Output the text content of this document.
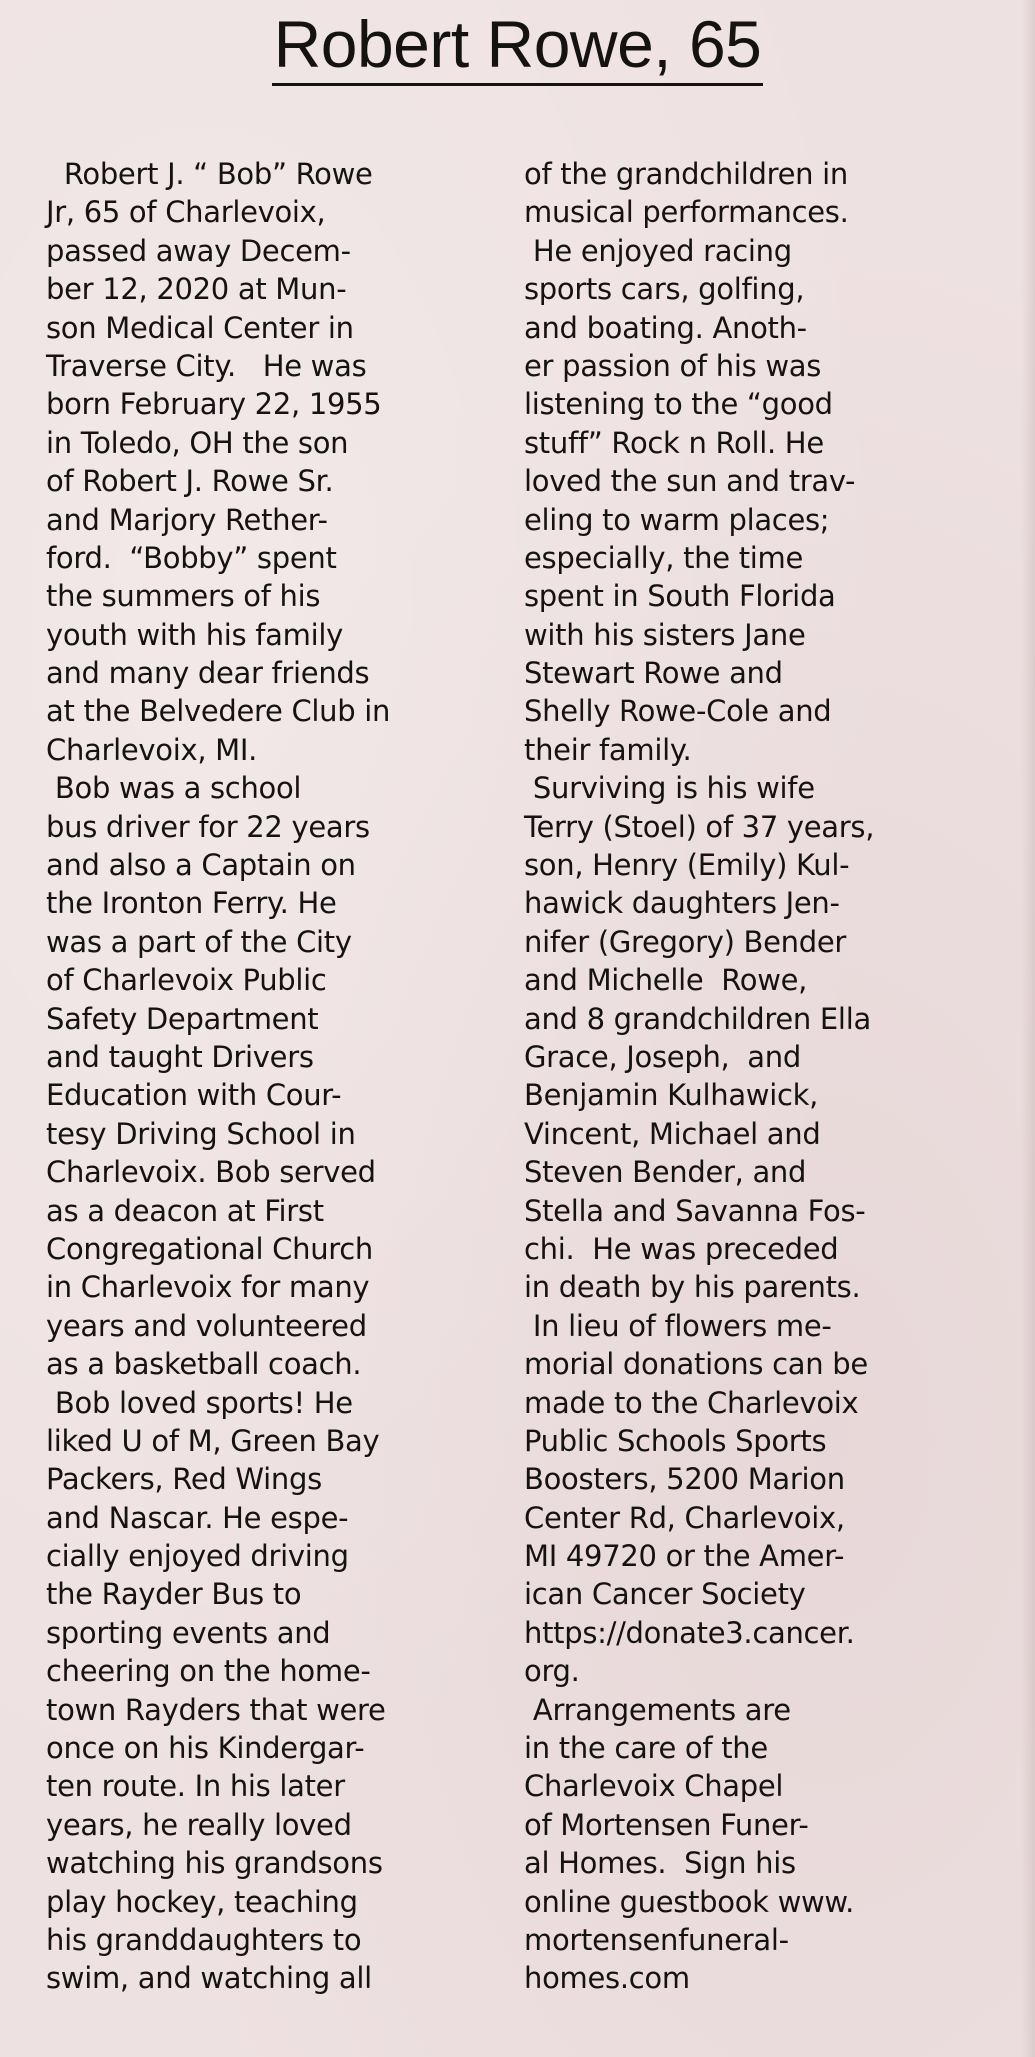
Robert Rowe, 65
Robert J. “ Bob” Rowe
Jr, 65 of Charlevoix,
passed away Decem-
ber 12, 2020 at Mun-
son Medical Center in
Traverse City.   He was
born February 22, 1955
in Toledo, OH the son
of Robert J. Rowe Sr.
and Marjory Rether-
ford.  “Bobby” spent
the summers of his
youth with his family
and many dear friends
at the Belvedere Club in
Charlevoix, MI.
Bob was a school
bus driver for 22 years
and also a Captain on
the Ironton Ferry. He
was a part of the City
of Charlevoix Public
Safety Department
and taught Drivers
Education with Cour-
tesy Driving School in
Charlevoix. Bob served
as a deacon at First
Congregational Church
in Charlevoix for many
years and volunteered
as a basketball coach.
Bob loved sports! He
liked U of M, Green Bay
Packers, Red Wings
and Nascar. He espe-
cially enjoyed driving
the Rayder Bus to
sporting events and
cheering on the home-
town Rayders that were
once on his Kindergar-
ten route. In his later
years, he really loved
watching his grandsons
play hockey, teaching
his granddaughters to
swim, and watching all
of the grandchildren in
musical performances.
He enjoyed racing
sports cars, golfing,
and boating. Anoth-
er passion of his was
listening to the “good
stuff” Rock n Roll. He
loved the sun and trav-
eling to warm places;
especially, the time
spent in South Florida
with his sisters Jane
Stewart Rowe and
Shelly Rowe-Cole and
their family.
Surviving is his wife
Terry (Stoel) of 37 years,
son, Henry (Emily) Kul-
hawick daughters Jen-
nifer (Gregory) Bender
and Michelle  Rowe,
and 8 grandchildren Ella
Grace, Joseph,  and
Benjamin Kulhawick,
Vincent, Michael and
Steven Bender, and
Stella and Savanna Fos-
chi.  He was preceded
in death by his parents.
In lieu of flowers me-
morial donations can be
made to the Charlevoix
Public Schools Sports
Boosters, 5200 Marion
Center Rd, Charlevoix,
MI 49720 or the Amer-
ican Cancer Society
https://donate3.cancer.
org.
Arrangements are
in the care of the
Charlevoix Chapel
of Mortensen Funer-
al Homes.  Sign his
online guestbook www.
mortensenfuneral-
homes.com
